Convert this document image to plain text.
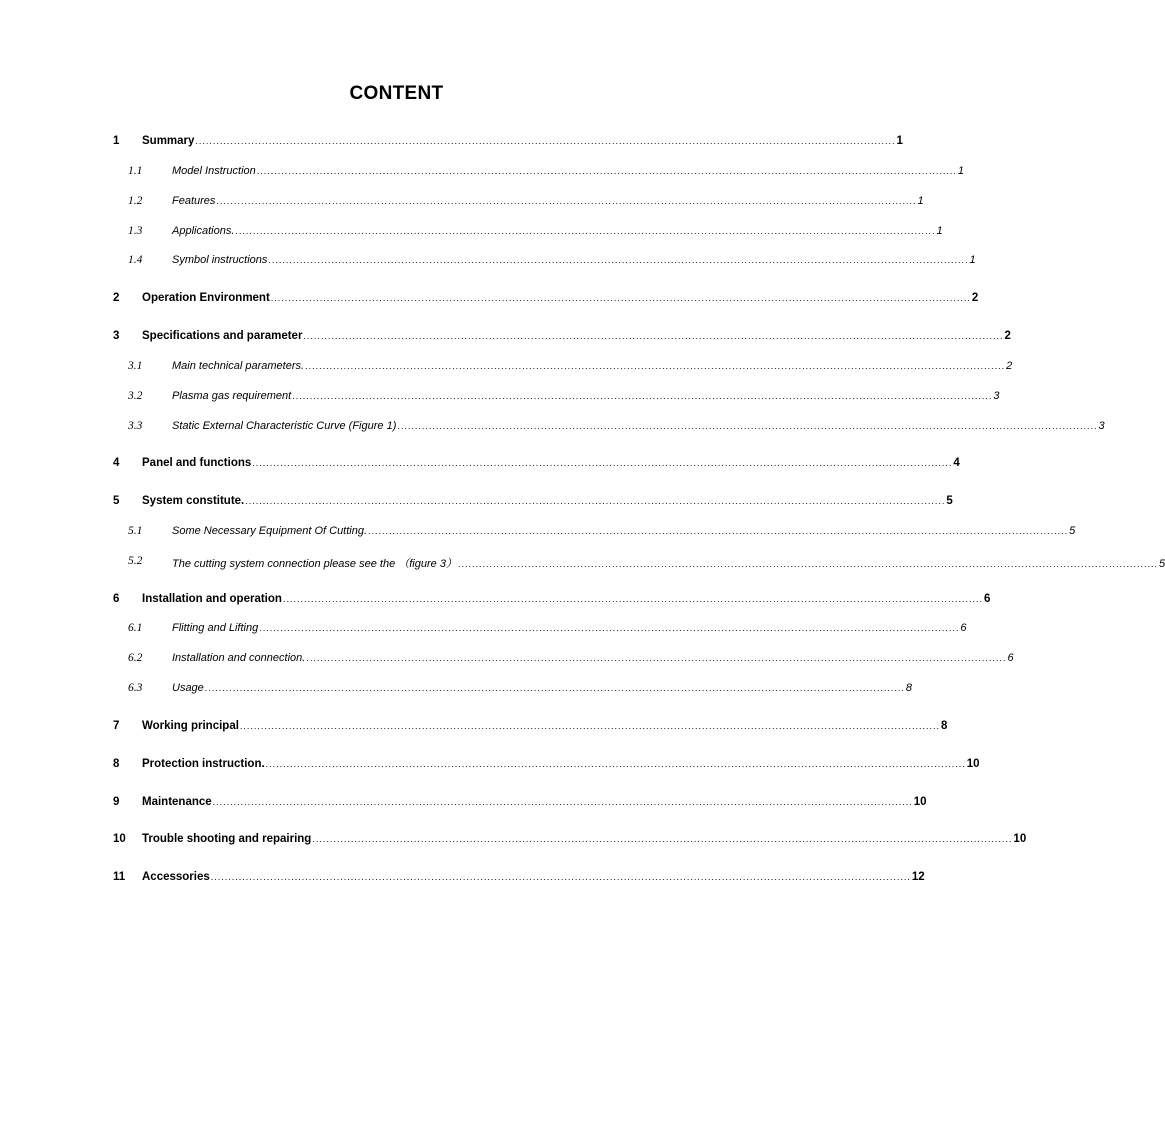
CONTENT
1 Summary ........................................................................................................................................................................................................ 1
1.1	Model Instruction ........................................................................................................................................................................................................ 1
1.2	Features ........................................................................................................................................................................................................ 1
1.3	Applications. ........................................................................................................................................................................................................ 1
1.4	Symbol instructions ........................................................................................................................................................................................................ 1
2 Operation Environment ........................................................................................................................................................................................................ 2
3 Specifications and parameter ........................................................................................................................................................................................................ 2
3.1	Main technical parameters. ........................................................................................................................................................................................................ 2
3.2	Plasma gas requirement ........................................................................................................................................................................................................ 3
3.3	Static External Characteristic Curve (Figure 1) ........................................................................................................................................................................................................ 3
4 Panel and functions ........................................................................................................................................................................................................ 4
5 System constitute. ........................................................................................................................................................................................................ 5
5.1	Some Necessary Equipment Of Cutting. ........................................................................................................................................................................................................ 5
5.2	The cutting system connection please see the （figure 3） ........................................................................................................................................................................................................ 5
6 Installation and operation ........................................................................................................................................................................................................ 6
6.1	Flitting and Lifting ........................................................................................................................................................................................................ 6
6.2	Installation and connection. ........................................................................................................................................................................................................ 6
6.3	Usage ........................................................................................................................................................................................................ 8
7 Working principal ........................................................................................................................................................................................................ 8
8 Protection instruction. ........................................................................................................................................................................................................ 10
9 Maintenance ........................................................................................................................................................................................................ 10
10 Trouble shooting and repairing ........................................................................................................................................................................................................ 10
11 Accessories ........................................................................................................................................................................................................ 12
